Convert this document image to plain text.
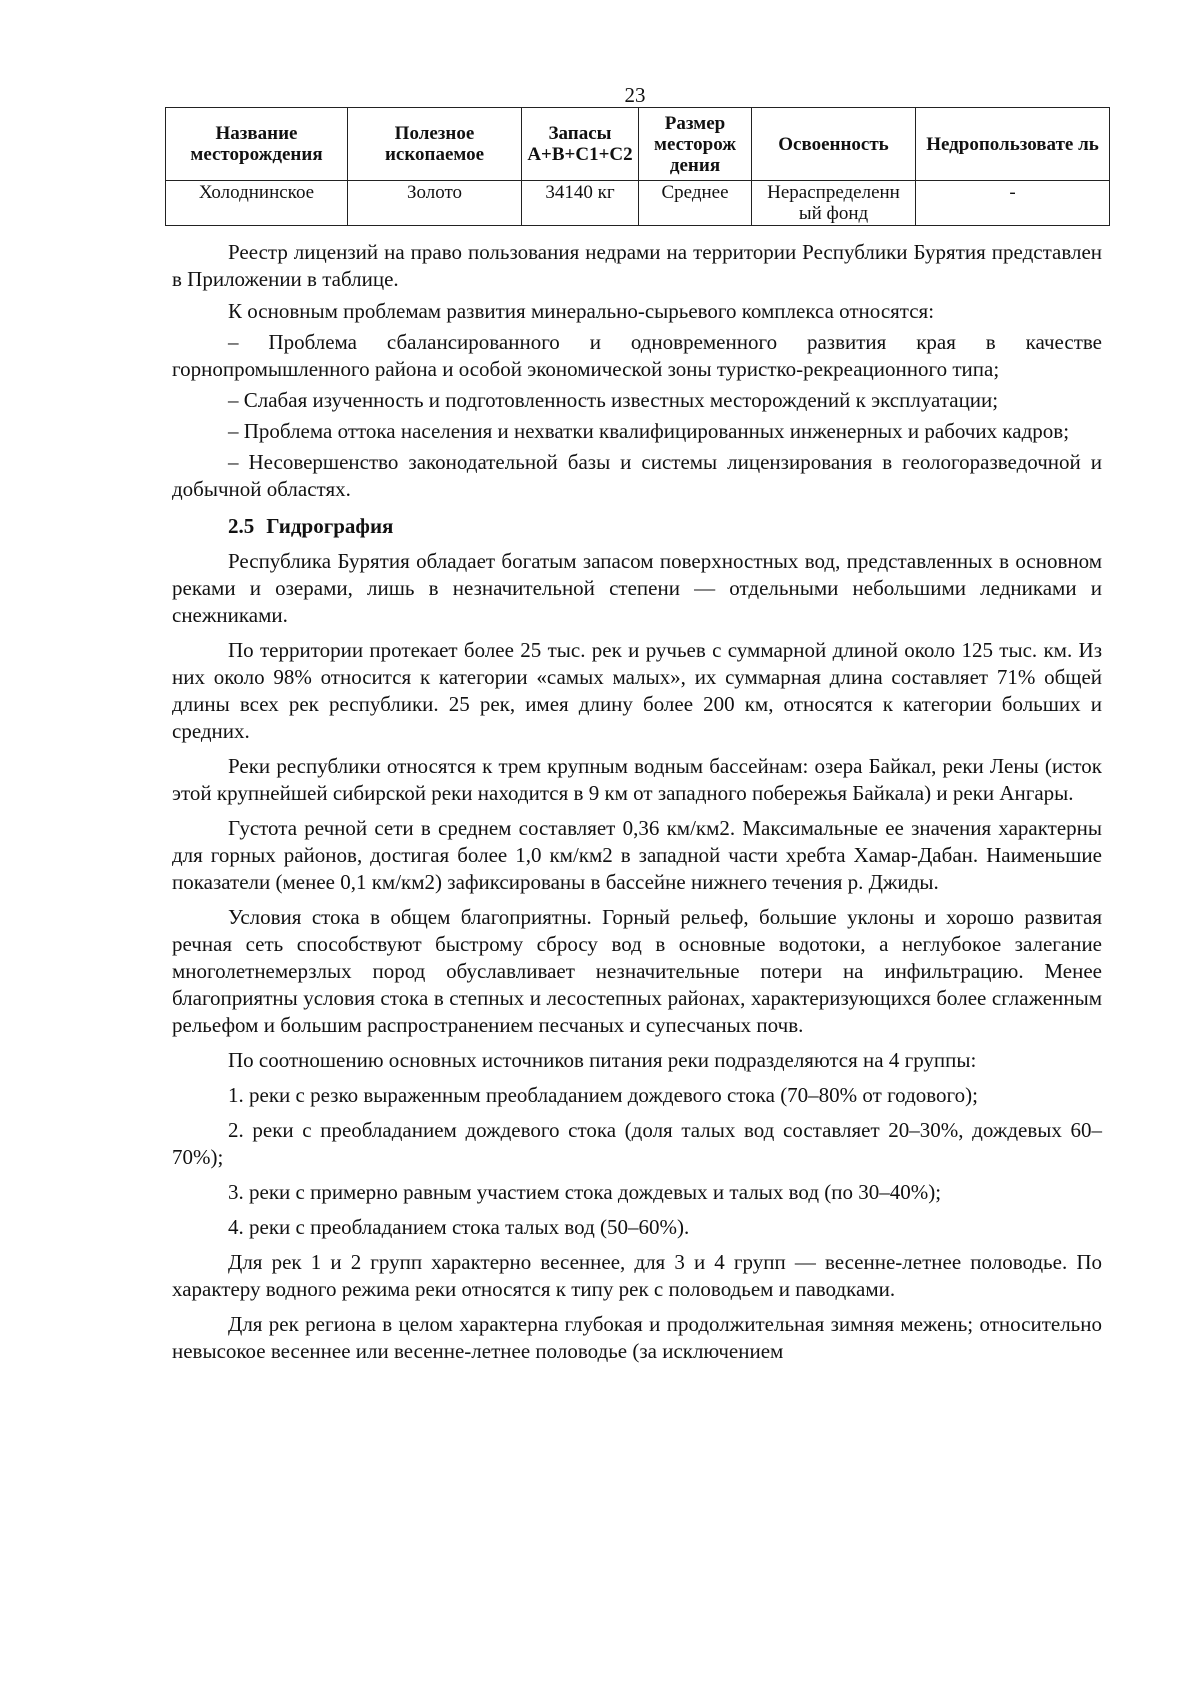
23
Название месторождения	Полезное ископаемое	Запасы А+В+С1+С2	Размер месторож дения	Освоенность	Недропользовате ль
Холоднинское	Золото	34140 кг	Среднее	Нераспределенн ый фонд	-

Реестр лицензий на право пользования недрами на территории Республики Бурятия представлен в Приложении в таблице.

К основным проблемам развития минерально-сырьевого комплекса относятся:

– Проблема сбалансированного и одновременного развития края в качестве горнопромышленного района и особой экономической зоны туристко-рекреационного типа;

– Слабая изученность и подготовленность известных месторождений к эксплуатации;

– Проблема оттока населения и нехватки квалифицированных инженерных и рабочих кадров;

– Несовершенство законодательной базы и системы лицензирования в геологоразведочной и добычной областях.

2.5 Гидрография

Республика Бурятия обладает богатым запасом поверхностных вод, представленных в основном реками и озерами, лишь в незначительной степени — отдельными небольшими ледниками и снежниками.

По территории протекает более 25 тыс. рек и ручьев с суммарной длиной около 125 тыс. км. Из них около 98% относится к категории «самых малых», их суммарная длина составляет 71% общей длины всех рек республики. 25 рек, имея длину более 200 км, относятся к категории больших и средних.

Реки республики относятся к трем крупным водным бассейнам: озера Байкал, реки Лены (исток этой крупнейшей сибирской реки находится в 9 км от западного побережья Байкала) и реки Ангары.

Густота речной сети в среднем составляет 0,36 км/км2. Максимальные ее значения характерны для горных районов, достигая более 1,0 км/км2 в западной части хребта Хамар-Дабан. Наименьшие показатели (менее 0,1 км/км2) зафиксированы в бассейне нижнего течения р. Джиды.

Условия стока в общем благоприятны. Горный рельеф, большие уклоны и хорошо развитая речная сеть способствуют быстрому сбросу вод в основные водотоки, а неглубокое залегание многолетнемерзлых пород обуславливает незначительные потери на инфильтрацию. Менее благоприятны условия стока в степных и лесостепных районах, характеризующихся более сглаженным рельефом и большим распространением песчаных и супесчаных почв.

По соотношению основных источников питания реки подразделяются на 4 группы:

1. реки с резко выраженным преобладанием дождевого стока (70–80% от годового);

2. реки с преобладанием дождевого стока (доля талых вод составляет 20–30%, дождевых 60–70%);

3. реки с примерно равным участием стока дождевых и талых вод (по 30–40%);

4. реки с преобладанием стока талых вод (50–60%).

Для рек 1 и 2 групп характерно весеннее, для 3 и 4 групп — весенне-летнее половодье. По характеру водного режима реки относятся к типу рек с половодьем и паводками.

Для рек региона в целом характерна глубокая и продолжительная зимняя межень; относительно невысокое весеннее или весенне-летнее половодье (за исключением
